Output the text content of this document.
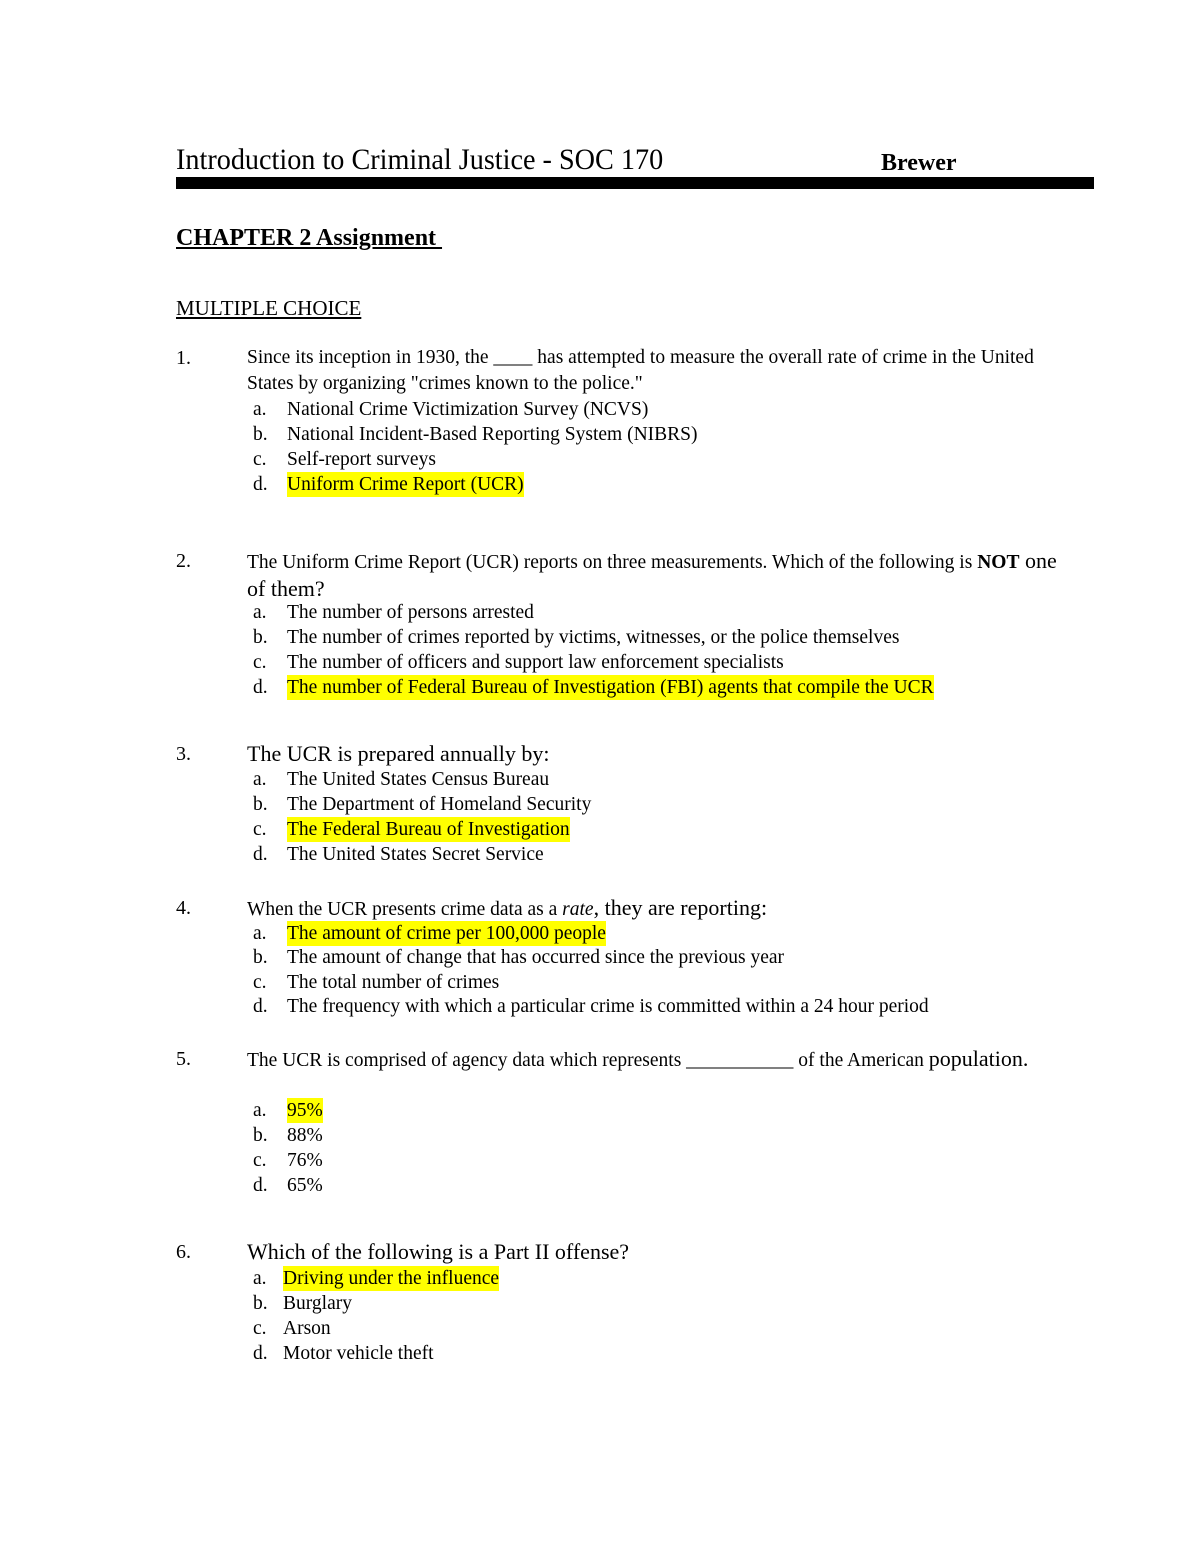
Introduction to Criminal Justice - SOC 170	Brewer
CHAPTER 2 Assignment
MULTIPLE CHOICE
1.	Since its inception in 1930, the ____ has attempted to measure the overall rate of crime in the United States by organizing "crimes known to the police."
a. National Crime Victimization Survey (NCVS)
b. National Incident-Based Reporting System (NIBRS)
c. Self-report surveys
d. Uniform Crime Report (UCR)
2.	The Uniform Crime Report (UCR) reports on three measurements. Which of the following is NOT one of them?
a. The number of persons arrested
b. The number of crimes reported by victims, witnesses, or the police themselves
c. The number of officers and support law enforcement specialists
d. The number of Federal Bureau of Investigation (FBI) agents that compile the UCR
3.	The UCR is prepared annually by:
a. The United States Census Bureau
b. The Department of Homeland Security
c. The Federal Bureau of Investigation
d. The United States Secret Service
4.	When the UCR presents crime data as a rate, they are reporting:
a. The amount of crime per 100,000 people
b. The amount of change that has occurred since the previous year
c. The total number of crimes
d. The frequency with which a particular crime is committed within a 24 hour period
5.	The UCR is comprised of agency data which represents ___________ of the American population.
a. 95%
b. 88%
c. 76%
d. 65%
6.	Which of the following is a Part II offense?
a. Driving under the influence
b. Burglary
c. Arson
d. Motor vehicle theft
